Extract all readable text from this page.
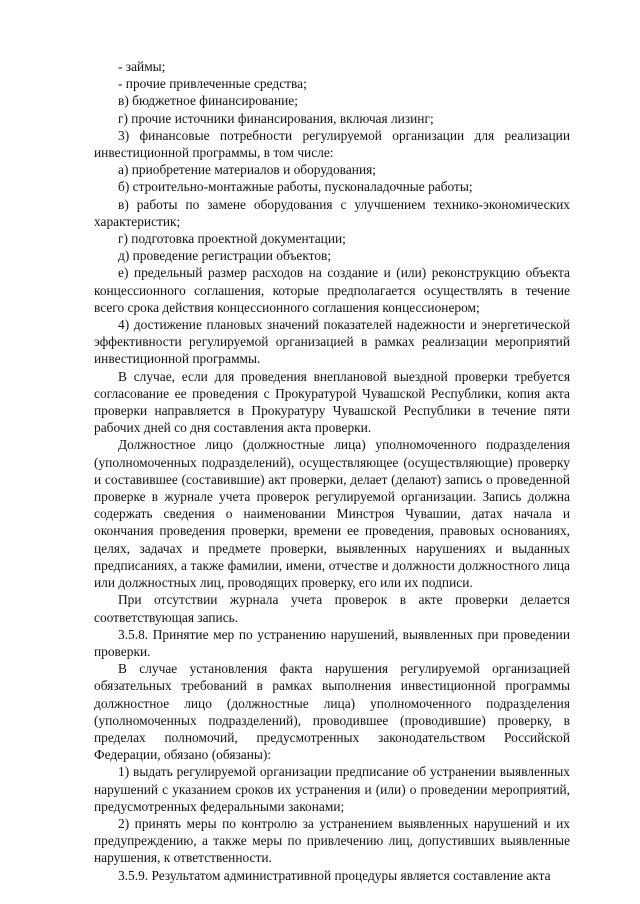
- займы;

- прочие привлеченные средства;

в) бюджетное финансирование;

г) прочие источники финансирования, включая лизинг;

3) финансовые потребности регулируемой организации для реализации инвестиционной программы, в том числе:

а) приобретение материалов и оборудования;

б) строительно-монтажные работы, пусконаладочные работы;

в) работы по замене оборудования с улучшением технико-экономических характеристик;

г) подготовка проектной документации;

д) проведение регистрации объектов;

е) предельный размер расходов на создание и (или) реконструкцию объекта концессионного соглашения, которые предполагается осуществлять в течение всего срока действия концессионного соглашения концессионером;

4) достижение плановых значений показателей надежности и энергетической эффективности регулируемой организацией в рамках реализации мероприятий инвестиционной программы.

В случае, если для проведения внеплановой выездной проверки требуется согласование ее проведения с Прокуратурой Чувашской Республики, копия акта проверки направляется в Прокуратуру Чувашской Республики в течение пяти рабочих дней со дня составления акта проверки.

Должностное лицо (должностные лица) уполномоченного подразделения (уполномоченных подразделений), осуществляющее (осуществляющие) проверку и составившее (составившие) акт проверки, делает (делают) запись о проведенной проверке в журнале учета проверок регулируемой организации. Запись должна содержать сведения о наименовании Минстроя Чувашии, датах начала и окончания проведения проверки, времени ее проведения, правовых основаниях, целях, задачах и предмете проверки, выявленных нарушениях и выданных предписаниях, а также фамилии, имени, отчестве и должности должностного лица или должностных лиц, проводящих проверку, его или их подписи.

При отсутствии журнала учета проверок в акте проверки делается соответствующая запись.

3.5.8. Принятие мер по устранению нарушений, выявленных при проведении проверки.

В случае установления факта нарушения регулируемой организацией обязательных требований в рамках выполнения инвестиционной программы должностное лицо (должностные лица) уполномоченного подразделения (уполномоченных подразделений), проводившее (проводившие) проверку, в пределах полномочий, предусмотренных законодательством Российской Федерации, обязано (обязаны):

1) выдать регулируемой организации предписание об устранении выявленных нарушений с указанием сроков их устранения и (или) о проведении мероприятий, предусмотренных федеральными законами;

2) принять меры по контролю за устранением выявленных нарушений и их предупреждению, а также меры по привлечению лиц, допустивших выявленные нарушения, к ответственности.

3.5.9. Результатом административной процедуры является составление акта
